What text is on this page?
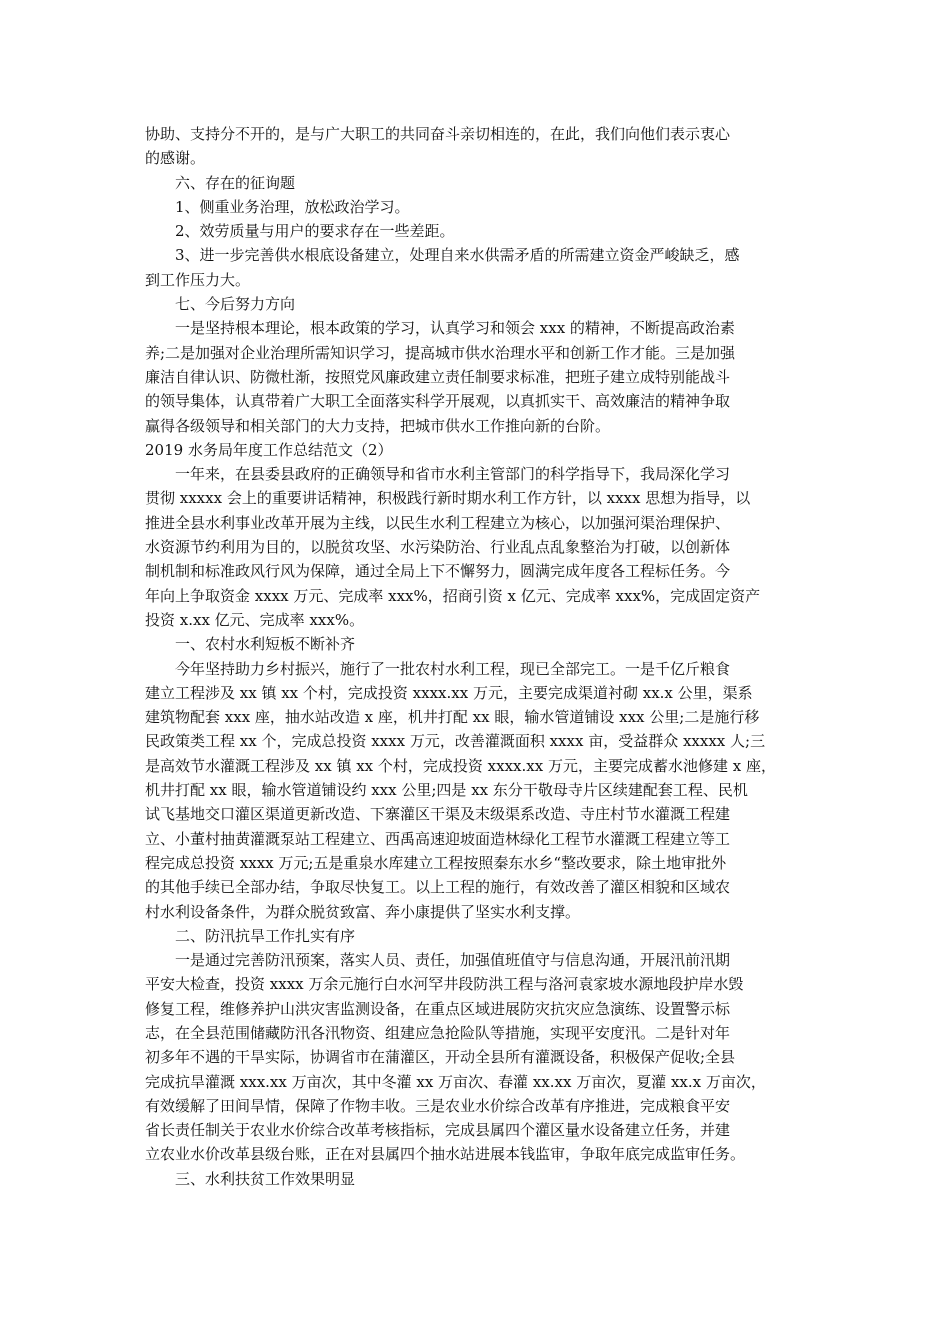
协助、支持分不开的，是与广大职工的共同奋斗亲切相连的，在此，我们向他们表示衷心
的感谢。
六、存在的征询题
1、侧重业务治理，放松政治学习。
2、效劳质量与用户的要求存在一些差距。
3、进一步完善供水根底设备建立，处理自来水供需矛盾的所需建立资金严峻缺乏，感
到工作压力大。
七、今后努力方向
一是坚持根本理论，根本政策的学习，认真学习和领会 xxx 的精神，不断提高政治素
养;二是加强对企业治理所需知识学习，提高城市供水治理水平和创新工作才能。三是加强
廉洁自律认识、防微杜渐，按照党风廉政建立责任制要求标准，把班子建立成特别能战斗
的领导集体，认真带着广大职工全面落实科学开展观，以真抓实干、高效廉洁的精神争取
赢得各级领导和相关部门的大力支持，把城市供水工作推向新的台阶。
2019 水务局年度工作总结范文（2）
一年来，在县委县政府的正确领导和省市水利主管部门的科学指导下，我局深化学习
贯彻 xxxxx 会上的重要讲话精神，积极践行新时期水利工作方针，以 xxxx 思想为指导，以
推进全县水利事业改革开展为主线，以民生水利工程建立为核心，以加强河渠治理保护、
水资源节约利用为目的，以脱贫攻坚、水污染防治、行业乱点乱象整治为打破，以创新体
制机制和标准政风行风为保障，通过全局上下不懈努力，圆满完成年度各工程标任务。今
年向上争取资金 xxxx 万元、完成率 xxx%，招商引资 x 亿元、完成率 xxx%，完成固定资产
投资 x.xx 亿元、完成率 xxx%。
一、农村水利短板不断补齐
今年坚持助力乡村振兴，施行了一批农村水利工程，现已全部完工。一是千亿斤粮食
建立工程涉及 xx 镇 xx 个村，完成投资 xxxx.xx 万元，主要完成渠道衬砌 xx.x 公里，渠系
建筑物配套 xxx 座，抽水站改造 x 座，机井打配 xx 眼，输水管道铺设 xxx 公里;二是施行移
民政策类工程 xx 个，完成总投资 xxxx 万元，改善灌溉面积 xxxx 亩，受益群众 xxxxx 人;三
是高效节水灌溉工程涉及 xx 镇 xx 个村，完成投资 xxxx.xx 万元，主要完成蓄水池修建 x 座，
机井打配 xx 眼，输水管道铺设约 xxx 公里;四是 xx 东分干敬母寺片区续建配套工程、民机
试飞基地交口灌区渠道更新改造、下寨灌区干渠及末级渠系改造、寺庄村节水灌溉工程建
立、小董村抽黄灌溉泵站工程建立、西禹高速迎坡面造林绿化工程节水灌溉工程建立等工
程完成总投资 xxxx 万元;五是重泉水库建立工程按照秦东水乡“整改要求，除土地审批外
的其他手续已全部办结，争取尽快复工。以上工程的施行，有效改善了灌区相貌和区域农
村水利设备条件，为群众脱贫致富、奔小康提供了坚实水利支撑。
二、防汛抗旱工作扎实有序
一是通过完善防汛预案，落实人员、责任，加强值班值守与信息沟通，开展汛前汛期
平安大检查，投资 xxxx 万余元施行白水河罕井段防洪工程与洛河袁家坡水源地段护岸水毁
修复工程，维修养护山洪灾害监测设备，在重点区域进展防灾抗灾应急演练、设置警示标
志，在全县范围储藏防汛各汛物资、组建应急抢险队等措施，实现平安度汛。二是针对年
初多年不遇的干旱实际，协调省市在蒲灌区，开动全县所有灌溉设备，积极保产促收;全县
完成抗旱灌溉 xxx.xx 万亩次，其中冬灌 xx 万亩次、春灌 xx.xx 万亩次，夏灌 xx.x 万亩次，
有效缓解了田间旱情，保障了作物丰收。三是农业水价综合改革有序推进，完成粮食平安
省长责任制关于农业水价综合改革考核指标，完成县属四个灌区量水设备建立任务，并建
立农业水价改革县级台账，正在对县属四个抽水站进展本钱监审，争取年底完成监审任务。
三、水利扶贫工作效果明显
